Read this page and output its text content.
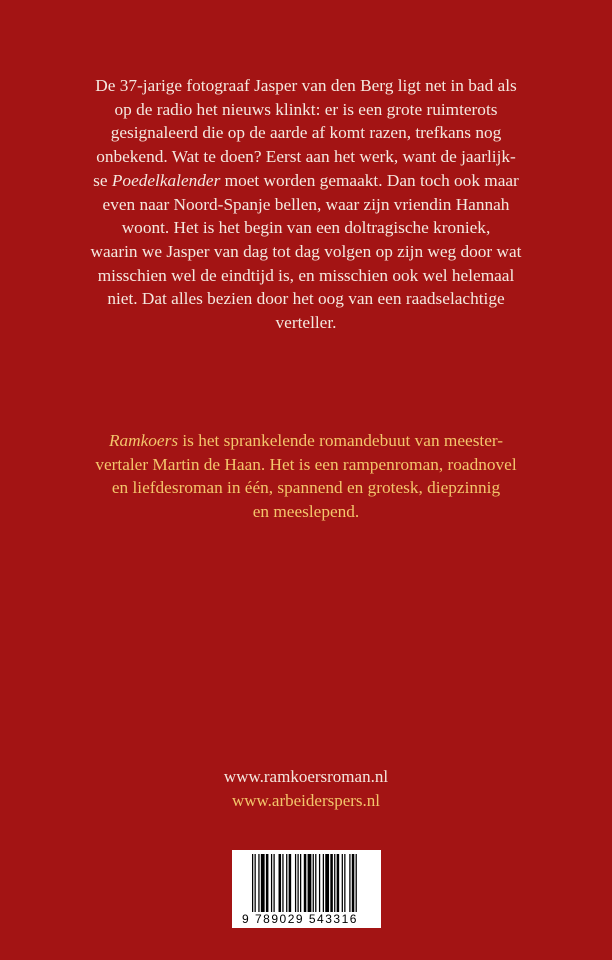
De 37-jarige fotograaf Jasper van den Berg ligt net in bad als
op de radio het nieuws klinkt: er is een grote ruimterots
gesignaleerd die op de aarde af komt razen, trefkans nog
onbekend. Wat te doen? Eerst aan het werk, want de jaarlijk-
se Poedelkalender moet worden gemaakt. Dan toch ook maar
even naar Noord-Spanje bellen, waar zijn vriendin Hannah
woont. Het is het begin van een doltragische kroniek,
waarin we Jasper van dag tot dag volgen op zijn weg door wat
misschien wel de eindtijd is, en misschien ook wel helemaal
niet. Dat alles bezien door het oog van een raadselachtige
verteller.
Ramkoers is het sprankelende romandebuut van meester-
vertaler Martin de Haan. Het is een rampenroman, roadnovel
en liefdesroman in één, spannend en grotesk, diepzinnig
en meeslepend.
www.ramkoersroman.nl
www.arbeiderspers.nl
9 789029 543316
